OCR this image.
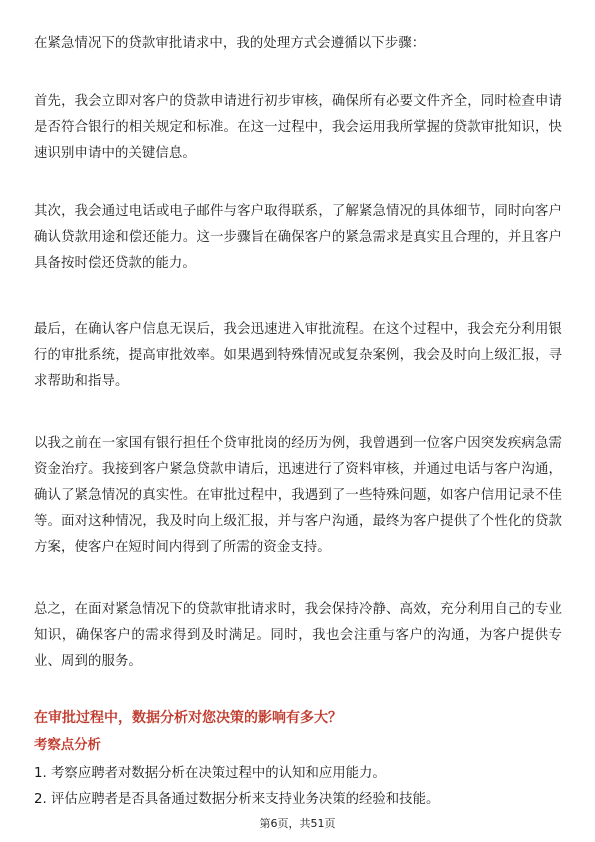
在紧急情况下的贷款审批请求中，我的处理方式会遵循以下步骤：

首先，我会立即对客户的贷款申请进行初步审核，确保所有必要文件齐全，同时检查申请是否符合银行的相关规定和标准。在这一过程中，我会运用我所掌握的贷款审批知识，快速识别申请中的关键信息。

其次，我会通过电话或电子邮件与客户取得联系，了解紧急情况的具体细节，同时向客户确认贷款用途和偿还能力。这一步骤旨在确保客户的紧急需求是真实且合理的，并且客户具备按时偿还贷款的能力。

最后，在确认客户信息无误后，我会迅速进入审批流程。在这个过程中，我会充分利用银行的审批系统，提高审批效率。如果遇到特殊情况或复杂案例，我会及时向上级汇报，寻求帮助和指导。

以我之前在一家国有银行担任个贷审批岗的经历为例，我曾遇到一位客户因突发疾病急需资金治疗。我接到客户紧急贷款申请后，迅速进行了资料审核，并通过电话与客户沟通，确认了紧急情况的真实性。在审批过程中，我遇到了一些特殊问题，如客户信用记录不佳等。面对这种情况，我及时向上级汇报，并与客户沟通，最终为客户提供了个性化的贷款方案，使客户在短时间内得到了所需的资金支持。

总之，在面对紧急情况下的贷款审批请求时，我会保持冷静、高效，充分利用自己的专业知识，确保客户的需求得到及时满足。同时，我也会注重与客户的沟通，为客户提供专业、周到的服务。

在审批过程中，数据分析对您决策的影响有多大？
考察点分析
1. 考察应聘者对数据分析在决策过程中的认知和应用能力。
2. 评估应聘者是否具备通过数据分析来支持业务决策的经验和技能。
第6页，共51页
